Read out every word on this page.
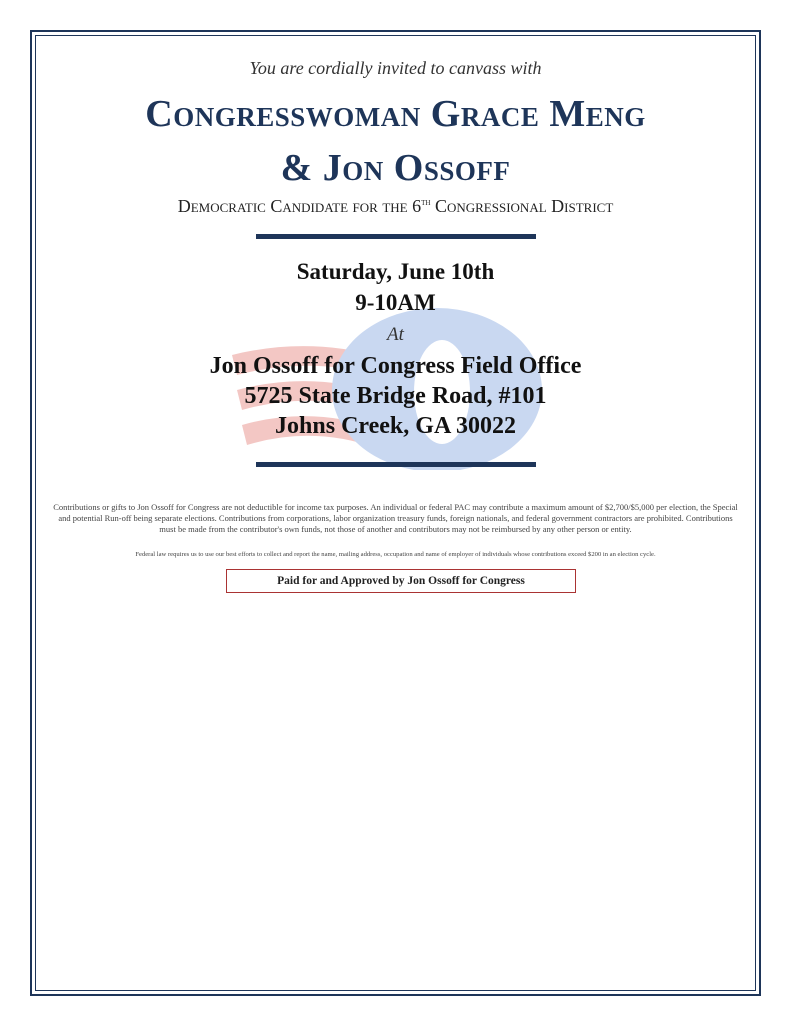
You are cordially invited to canvass with
Congresswoman Grace Meng
& Jon Ossoff
Democratic Candidate for the 6th Congressional District
Saturday, June 10th
9-10AM
At
Jon Ossoff for Congress Field Office
5725 State Bridge Road, #101
Johns Creek, GA 30022
Contributions or gifts to Jon Ossoff for Congress are not deductible for income tax purposes. An individual or federal PAC may contribute a maximum amount of $2,700/$5,000 per election, the Special and potential Run-off being separate elections. Contributions from corporations, labor organization treasury funds, foreign nationals, and federal government contractors are prohibited. Contributions must be made from the contributor's own funds, not those of another and contributors may not be reimbursed by any other person or entity.
Federal law requires us to use our best efforts to collect and report the name, mailing address, occupation and name of employer of individuals whose contributions exceed $200 in an election cycle.
Paid for and Approved by Jon Ossoff for Congress
